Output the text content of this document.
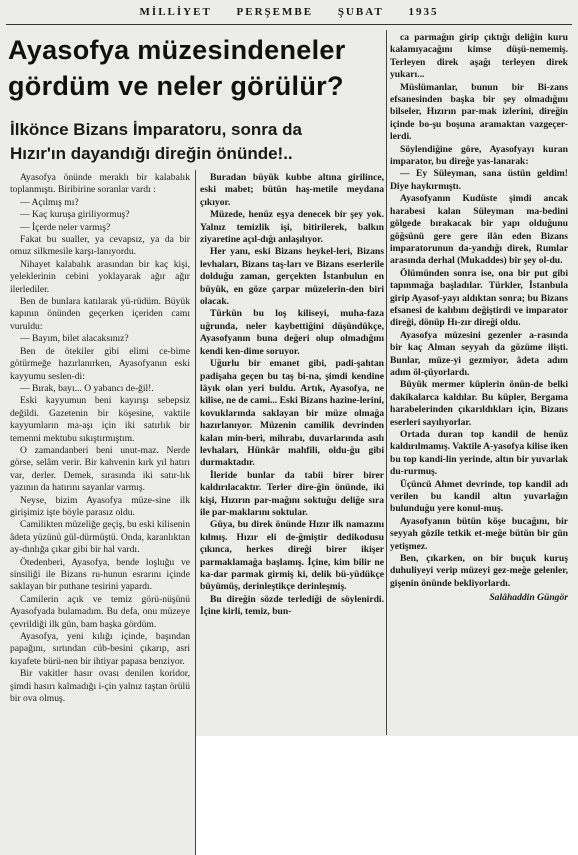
MİLLİYET PERŞEMBE ŞUBAT 1935
Ayasofya müzesindeneler
gördüm ve neler görülür?
İlkönce Bizans İmparatoru, sonra da
Hızır'ın dayandığı direğin önünde!..

Ayasofya önünde meraklı bir kalabalık toplanmıştı. Biribirine soranlar vardı :

— Açılmış mı?

— Kaç kuruşa giriliyormuş?

— İçerde neler varmış?

Fakat bu sualler, ya cevapsız, ya da bir omuz silkmesile karşı-lanıyordu.

Nihayet kalabalık arasından bir kaç kişi, yeleklerinin cebini yoklayarak ağır ağır ilerlediler.

Ben de bunlara katılarak yü-rüdüm. Büyük kapının önünden geçerken içeriden camı vuruldu:

— Bayım, bilet alacaksınız?

Ben de ötekiler gibi elimi ce-bime götürmeğe hazırlanırken, Ayasofyanın eski kayyumu seslen-di:

— Bırak, bayı... O yabancı de-ğil!.

Eski kayyumun beni kayırışı sebepsiz değildi. Gazetenin bir köşesine, vaktile kayyumların ma-aşı için iki satırlık bir temenni mektubu sıkıştırmıştım.

O zamandanberi beni unut-maz. Nerde görse, selâm verir. Bir kahvenin kırk yıl hatırı var, derler. Demek, sırasında iki satır-lık yazının da hatırını sayanlar varmış.

Neyse, bizim Ayasofya müze-sine ilk girişimiz işte böyle parasız oldu.

Camilikten müzeliğe geçiş, bu eski kilisenin âdeta yüzünü gül-dürmüştü. Onda, karanlıktan ay-dınlığa çıkar gibi bir hal vardı.

Ötedenberi, Ayasofya, bende loşluğu ve sinsiliği ile Bizans ru-hunun esrarını içinde saklayan bir puthane tesirini yapardı.

Camilerin açık ve temiz görü-nüşünü Ayasofyada bulamadım. Bu defa, onu müzeye çevrildiği ilk gün, bam başka gördüm.

Ayasofya, yeni kılığı içinde, başından papağını, sırtından cüb-besini çıkarıp, asri kıyafete bürü-nen bir ihtiyar papasa benziyor.

Bir vakitler hasır ovası denilen koridor, şimdi hasırı kalmadığı i-çin yalnız taştan örülü bir ova olmuş.

Buradan büyük kubbe altına girilince, eski mabet; bütün haş-metile meydana çıkıyor.

Müzede, henüz eşya denecek bir şey yok. Yalnız temizlik işi, bitirilerek, balkın ziyaretine açıl-dığı anlaşılıyor.

Her yanı, eski Bizans heykel-leri, Bizans levhaları, Bizans taş-ları ve Bizans eserlerile dolduğu zaman, gerçekten İstanbulun en büyük, en göze çarpar müzelerin-den biri olacak.

Türkün bu loş kiliseyi, muha-faza uğrunda, neler kaybettiğini düşündükçe, Ayasofyanın buna değeri olup olmadığını kendi ken-dime soruyor.

Uğurlu bir emanet gibi, padi-şahtan padişaha geçen bu taş bi-na, şimdi kendine lâyık olan yeri buldu. Artık, Ayasofya, ne kilise, ne de cami... Eski Bizans hazine-lerini, kovuklarında saklayan bir müze olmağa hazırlanıyor. Müzenin camilik devrinden kalan min-beri, mihrabı, duvarlarında asılı levhaları, Hünkâr mahfili, oldu-ğu gibi durmaktadır.

İleride bunlar da tabii birer birer kaldırılacaktır. Terler dire-ğin önünde, iki kişi, Hızırın par-mağını soktuğu deliğe sıra ile par-maklarını soktular.

Güya, bu direk önünde Hızır ilk namazını kılmış. Hızır eli de-ğmiştir dedikodusu çıkınca, herkes direği birer ikişer parmaklamağa başlamış. İçine, kim bilir ne ka-dar parmak girmiş ki, delik bü-yüdükçe büyümüş, derinleştikçe derinleşmiş.

Bu direğin sözde terlediği de söylenirdi. İçine kirli, temiz, bun-

ca parmağın girip çıktığı deliğin kuru kalamıyacağını kimse düşü-nememiş. Terleyen direk aşağı terleyen direk yukarı...

Müslümanlar, bunun bir Bi-zans efsanesinden başka bir şey olmadığını bilseler, Hızırın par-mak izlerini, direğin içinde bo-şu boşuna aramaktan vazgeçer-lerdi.

Söylendiğine göre, Ayasofyayı kuran imparator, bu direğe yas-lanarak:

— Ey Süleyman, sana üstün geldim! Diye haykırmıştı.

Ayasofyanın Kudüste şimdi ancak harabesi kalan Süleyman ma-bedini gölgede bırakacak bir yapı olduğunu göğsünü gere gere ilân eden Bizans imparatorunun da-yandığı direk, Rumlar arasında derhal (Mukaddes) bir şey ol-du.

Ölümünden sonra ise, ona bir put gibi tapınmağa başladılar. Türkler, İstanbula girip Ayasof-yayı aldıktan sonra; bu Bizans efsanesi de kalıbını değiştirdi ve imparator direği, dönüp Hı-zır direği oldu.

Ayasofya müzesini gezenler a-rasında bir kaç Alman seyyah da gözüme ilişti. Bunlar, müze-yi gezmiyor, âdeta adım adım öl-çüyorlardı.

Büyük mermer küplerin önün-de belki dakikalarca kaldılar. Bu küpler, Bergama harabelerinden çıkarıldıkları için, Bizans eserleri sayılıyorlar.

Ortada duran top kandil de henüz kaldırılmamış. Vaktile A-yasofya kilise iken bu top kandi-lin yerinde, altın bir yuvarlak du-rurmuş.

Üçüncü Ahmet devrinde, top kandil adı verilen bu kandil altın yuvarlağın bulunduğu yere konul-muş.

Ayasofyanın bütün köşe bucağını, bir seyyah gözile tetkik et-meğe bütün bir gün yetişmez.

Ben, çıkarken, on bir buçuk kuruş duhuliyeyi verip müzeyi gez-meğe gelenler, gişenin önünde bekliyorlardı.

Salâhaddin Güngör
